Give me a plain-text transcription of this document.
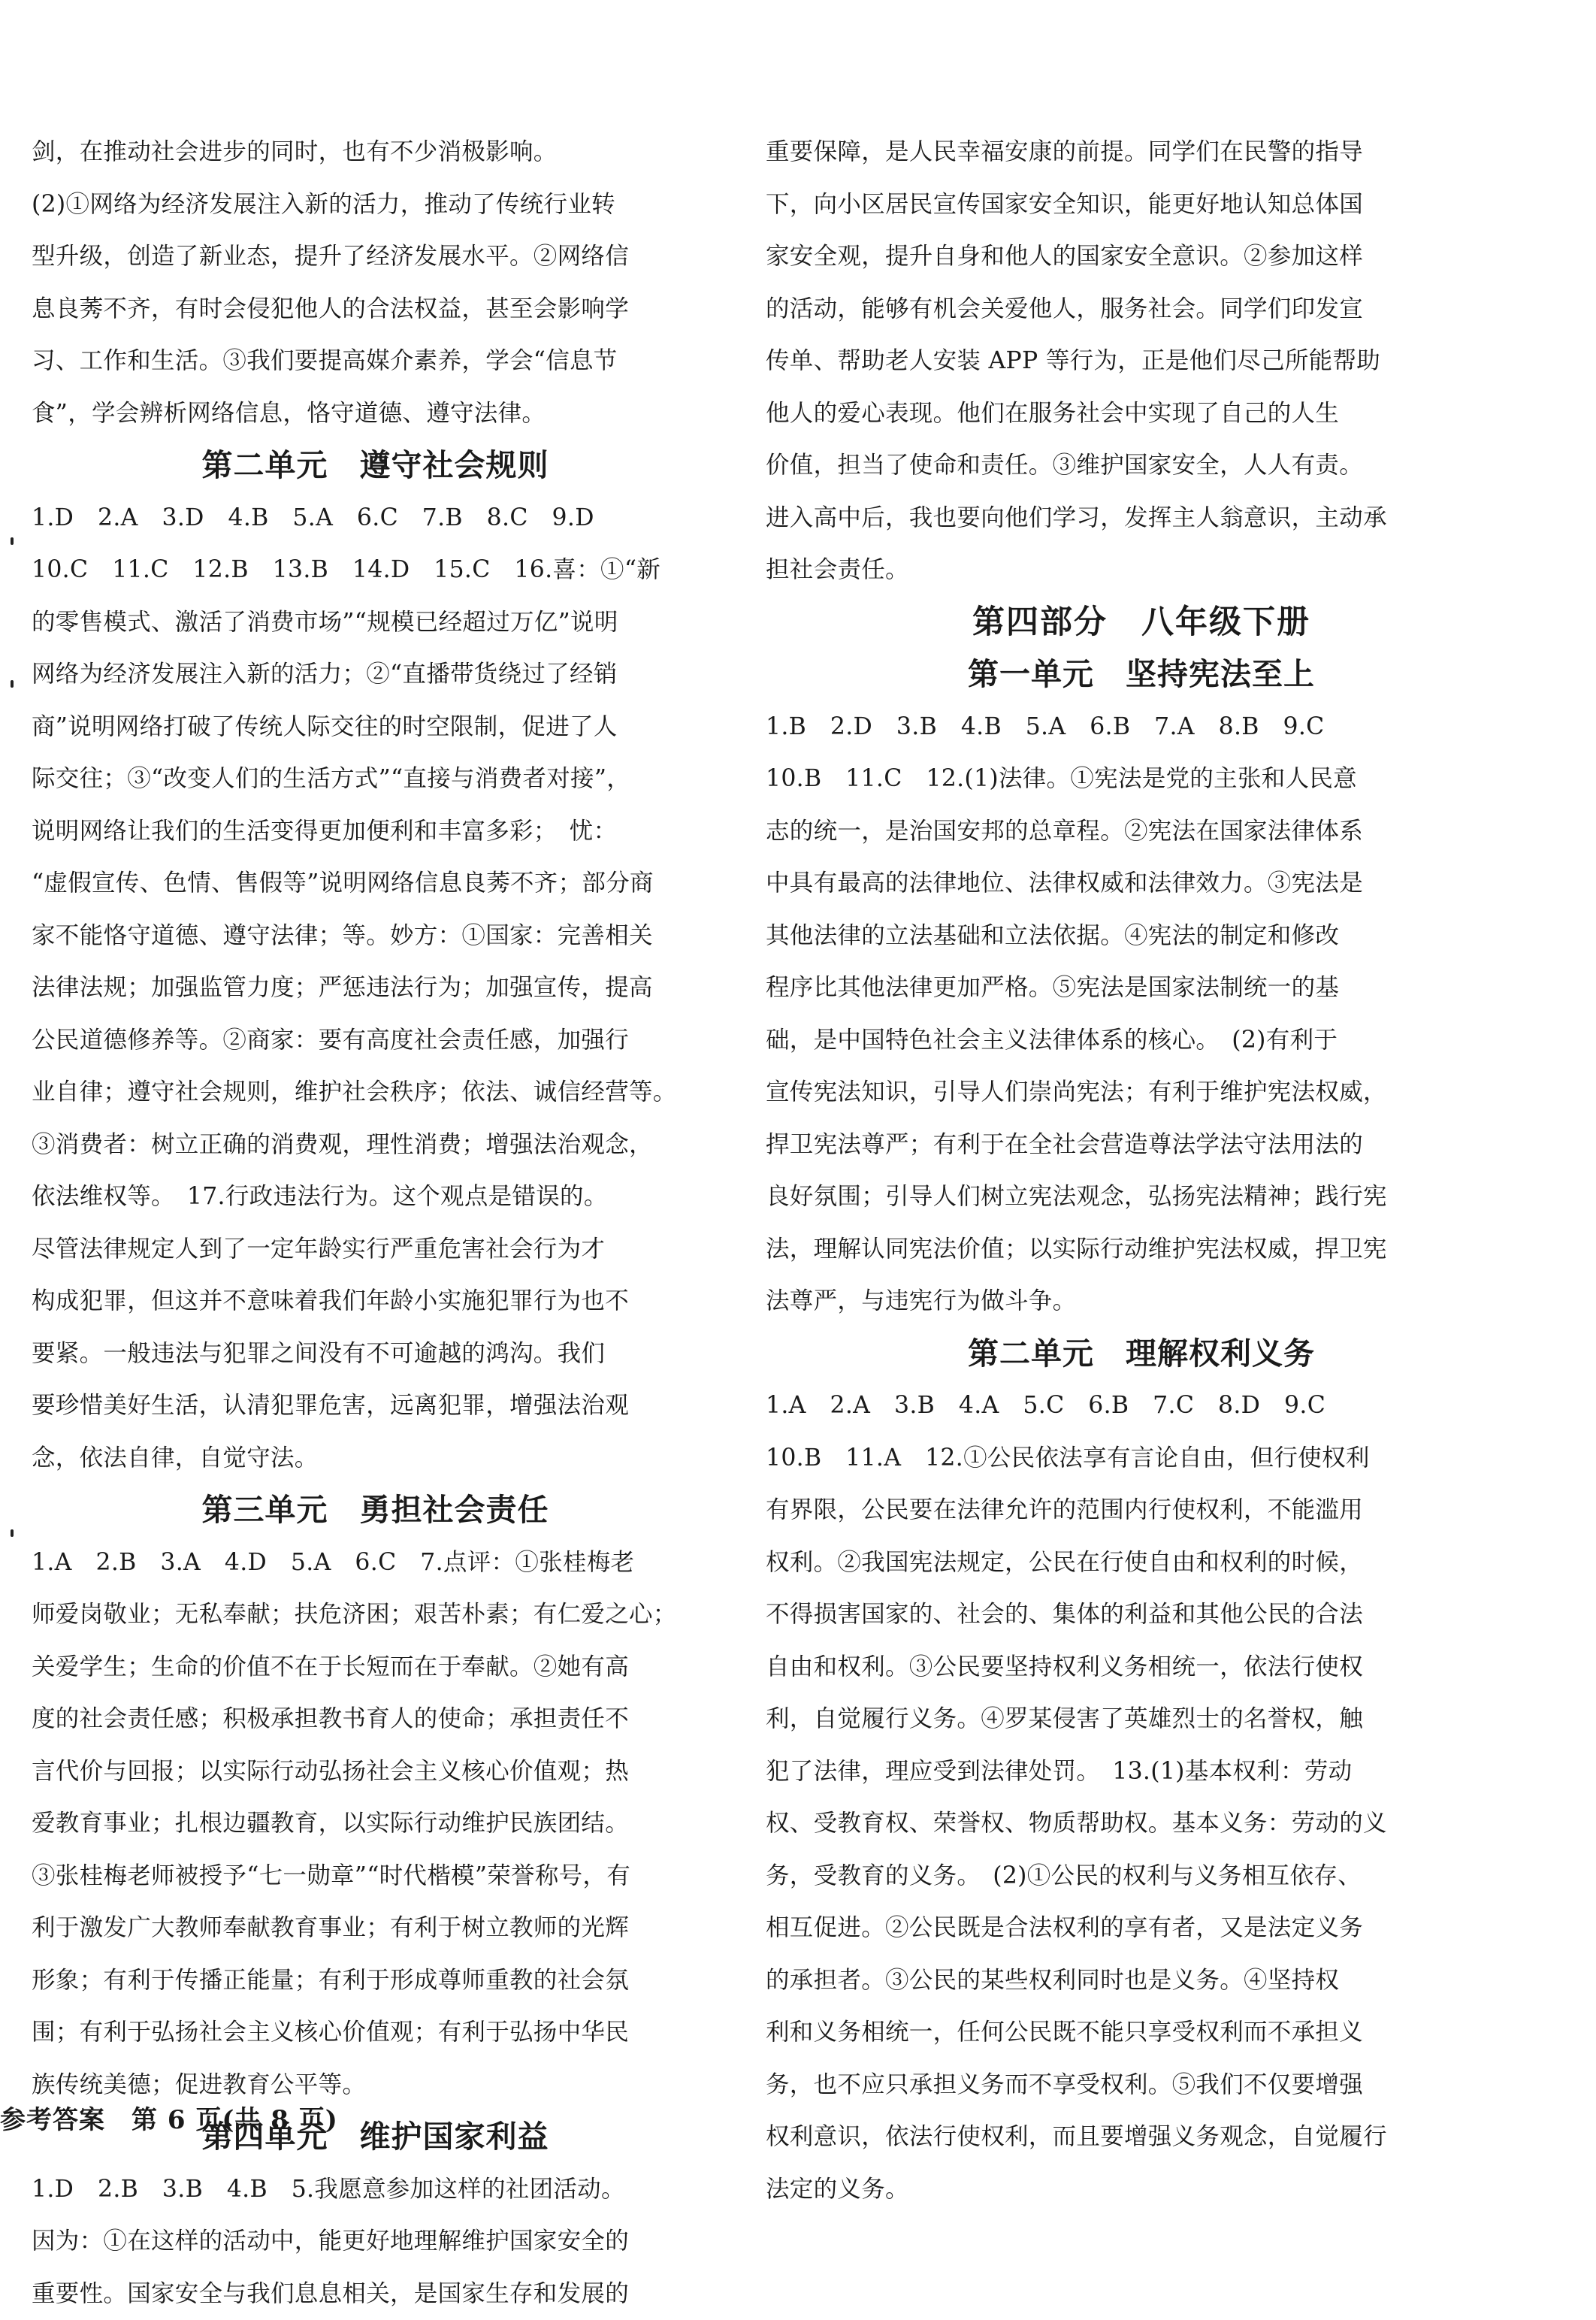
剑，在推动社会进步的同时，也有不少消极影响。
(2)①网络为经济发展注入新的活力，推动了传统行业转
型升级，创造了新业态，提升了经济发展水平。②网络信
息良莠不齐，有时会侵犯他人的合法权益，甚至会影响学
习、工作和生活。③我们要提高媒介素养，学会“信息节
食”，学会辨析网络信息，恪守道德、遵守法律。
第二单元　遵守社会规则
1.D　2.A　3.D　4.B　5.A　6.C　7.B　8.C　9.D
10.C　11.C　12.B　13.B　14.D　15.C　16.喜：①“新
的零售模式、激活了消费市场”“规模已经超过万亿”说明
网络为经济发展注入新的活力；②“直播带货绕过了经销
商”说明网络打破了传统人际交往的时空限制，促进了人
际交往；③“改变人们的生活方式”“直接与消费者对接”，
说明网络让我们的生活变得更加便利和丰富多彩；　忧：
“虚假宣传、色情、售假等”说明网络信息良莠不齐；部分商
家不能恪守道德、遵守法律；等。妙方：①国家：完善相关
法律法规；加强监管力度；严惩违法行为；加强宣传，提高
公民道德修养等。②商家：要有高度社会责任感，加强行
业自律；遵守社会规则，维护社会秩序；依法、诚信经营等。
③消费者：树立正确的消费观，理性消费；增强法治观念，
依法维权等。　17.行政违法行为。这个观点是错误的。
尽管法律规定人到了一定年龄实行严重危害社会行为才
构成犯罪，但这并不意味着我们年龄小实施犯罪行为也不
要紧。一般违法与犯罪之间没有不可逾越的鸿沟。我们
要珍惜美好生活，认清犯罪危害，远离犯罪，增强法治观
念，依法自律，自觉守法。
第三单元　勇担社会责任
1.A　2.B　3.A　4.D　5.A　6.C　7.点评：①张桂梅老
师爱岗敬业；无私奉献；扶危济困；艰苦朴素；有仁爱之心；
关爱学生；生命的价值不在于长短而在于奉献。②她有高
度的社会责任感；积极承担教书育人的使命；承担责任不
言代价与回报；以实际行动弘扬社会主义核心价值观；热
爱教育事业；扎根边疆教育，以实际行动维护民族团结。
③张桂梅老师被授予“七一勋章”“时代楷模”荣誉称号，有
利于激发广大教师奉献教育事业；有利于树立教师的光辉
形象；有利于传播正能量；有利于形成尊师重教的社会氛
围；有利于弘扬社会主义核心价值观；有利于弘扬中华民
族传统美德；促进教育公平等。
第四单元　维护国家利益
1.D　2.B　3.B　4.B　5.我愿意参加这样的社团活动。
因为：①在这样的活动中，能更好地理解维护国家安全的
重要性。国家安全与我们息息相关，是国家生存和发展的
重要保障，是人民幸福安康的前提。同学们在民警的指导
下，向小区居民宣传国家安全知识，能更好地认知总体国
家安全观，提升自身和他人的国家安全意识。②参加这样
的活动，能够有机会关爱他人，服务社会。同学们印发宣
传单、帮助老人安装 APP 等行为，正是他们尽己所能帮助
他人的爱心表现。他们在服务社会中实现了自己的人生
价值，担当了使命和责任。③维护国家安全，人人有责。
进入高中后，我也要向他们学习，发挥主人翁意识，主动承
担社会责任。
第四部分　八年级下册
第一单元　坚持宪法至上
1.B　2.D　3.B　4.B　5.A　6.B　7.A　8.B　9.C
10.B　11.C　12.(1)法律。①宪法是党的主张和人民意
志的统一，是治国安邦的总章程。②宪法在国家法律体系
中具有最高的法律地位、法律权威和法律效力。③宪法是
其他法律的立法基础和立法依据。④宪法的制定和修改
程序比其他法律更加严格。⑤宪法是国家法制统一的基
础，是中国特色社会主义法律体系的核心。　(2)有利于
宣传宪法知识，引导人们崇尚宪法；有利于维护宪法权威，
捍卫宪法尊严；有利于在全社会营造尊法学法守法用法的
良好氛围；引导人们树立宪法观念，弘扬宪法精神；践行宪
法，理解认同宪法价值；以实际行动维护宪法权威，捍卫宪
法尊严，与违宪行为做斗争。
第二单元　理解权利义务
1.A　2.A　3.B　4.A　5.C　6.B　7.C　8.D　9.C
10.B　11.A　12.①公民依法享有言论自由，但行使权利
有界限，公民要在法律允许的范围内行使权利，不能滥用
权利。②我国宪法规定，公民在行使自由和权利的时候，
不得损害国家的、社会的、集体的利益和其他公民的合法
自由和权利。③公民要坚持权利义务相统一，依法行使权
利，自觉履行义务。④罗某侵害了英雄烈士的名誉权，触
犯了法律，理应受到法律处罚。　13.(1)基本权利：劳动
权、受教育权、荣誉权、物质帮助权。基本义务：劳动的义
务，受教育的义务。　(2)①公民的权利与义务相互依存、
相互促进。②公民既是合法权利的享有者，又是法定义务
的承担者。③公民的某些权利同时也是义务。④坚持权
利和义务相统一，任何公民既不能只享受权利而不承担义
务，也不应只承担义务而不享受权利。⑤我们不仅要增强
权利意识，依法行使权利，而且要增强义务观念，自觉履行
法定的义务。
参考答案　第 6 页(共 8 页)
